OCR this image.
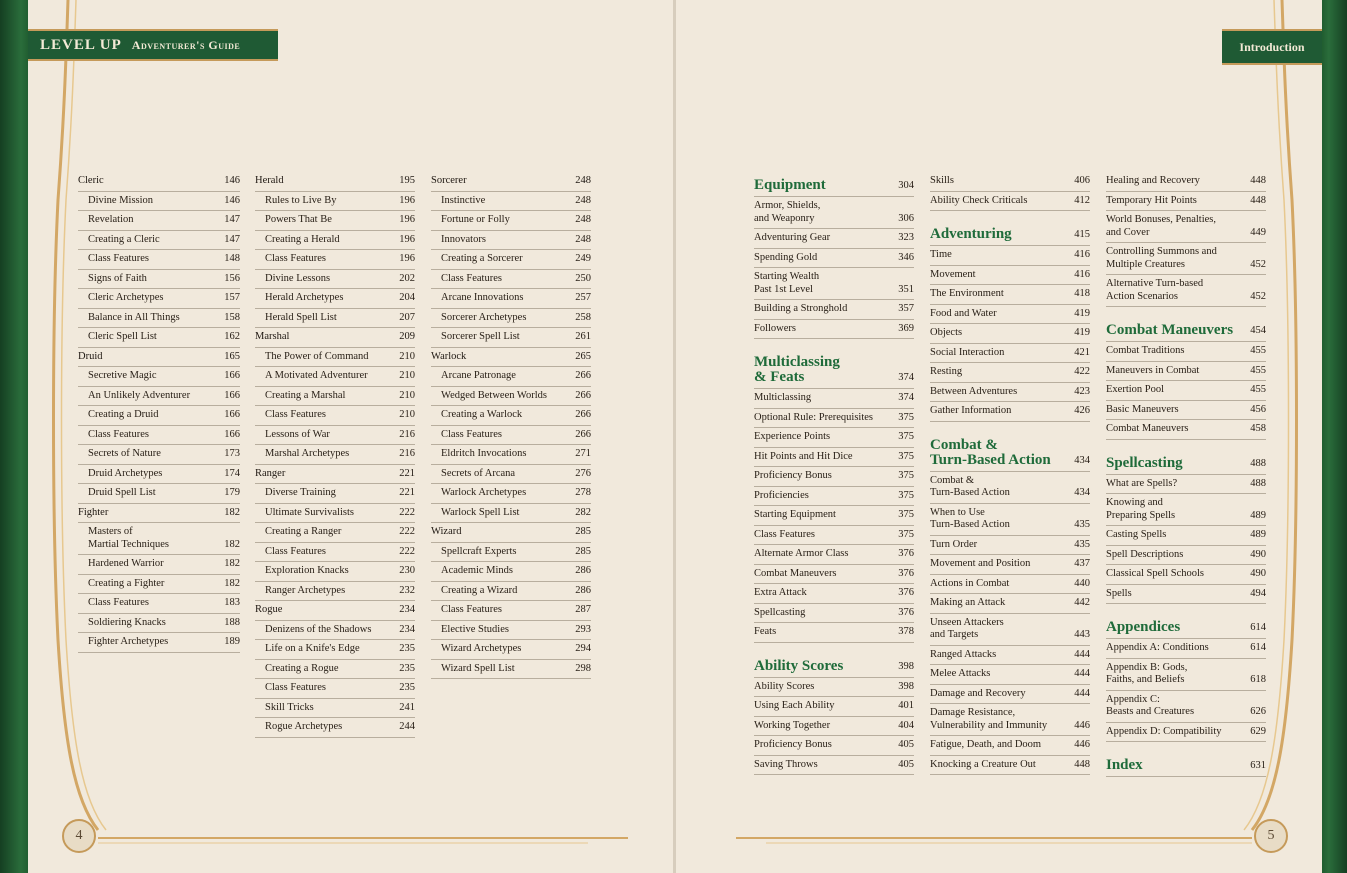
LEVEL UP Adventurer's Guide
Cleric	146
Divine Mission	146
Revelation	147
Creating a Cleric	147
Class Features	148
Signs of Faith	156
Cleric Archetypes	157
Balance in All Things	158
Cleric Spell List	162
Druid	165
Secretive Magic	166
An Unlikely Adventurer	166
Creating a Druid	166
Class Features	166
Secrets of Nature	173
Druid Archetypes	174
Druid Spell List	179
Fighter	182
Masters of
Martial Techniques	182
Hardened Warrior	182
Creating a Fighter	182
Class Features	183
Soldiering Knacks	188
Fighter Archetypes	189
Herald	195
Rules to Live By	196
Powers That Be	196
Creating a Herald	196
Class Features	196
Divine Lessons	202
Herald Archetypes	204
Herald Spell List	207
Marshal	209
The Power of Command	210
A Motivated Adventurer	210
Creating a Marshal	210
Class Features	210
Lessons of War	216
Marshal Archetypes	216
Ranger	221
Diverse Training	221
Ultimate Survivalists	222
Creating a Ranger	222
Class Features	222
Exploration Knacks	230
Ranger Archetypes	232
Rogue	234
Denizens of the Shadows	234
Life on a Knife's Edge	235
Creating a Rogue	235
Class Features	235
Skill Tricks	241
Rogue Archetypes	244
Sorcerer	248
Instinctive	248
Fortune or Folly	248
Innovators	248
Creating a Sorcerer	249
Class Features	250
Arcane Innovations	257
Sorcerer Archetypes	258
Sorcerer Spell List	261
Warlock	265
Arcane Patronage	266
Wedged Between Worlds	266
Creating a Warlock	266
Class Features	266
Eldritch Invocations	271
Secrets of Arcana	276
Warlock Archetypes	278
Warlock Spell List	282
Wizard	285
Spellcraft Experts	285
Academic Minds	286
Creating a Wizard	286
Class Features	287
Elective Studies	293
Wizard Archetypes	294
Wizard Spell List	298
4
Introduction
Equipment	304
Armor, Shields,
and Weaponry	306
Adventuring Gear	323
Spending Gold	346
Starting Wealth
Past 1st Level	351
Building a Stronghold	357
Followers	369
Multiclassing
& Feats	374
Multiclassing	374
Optional Rule: Prerequisites 375
Experience Points	375
Hit Points and Hit Dice	375
Proficiency Bonus	375
Proficiencies	375
Starting Equipment	375
Class Features	375
Alternate Armor Class	376
Combat Maneuvers	376
Extra Attack	376
Spellcasting	376
Feats	378
Ability Scores	398
Ability Scores	398
Using Each Ability	401
Working Together	404
Proficiency Bonus	405
Saving Throws	405
Skills	406
Ability Check Criticals	412
Adventuring	415
Time	416
Movement	416
The Environment	418
Food and Water	419
Objects	419
Social Interaction	421
Resting	422
Between Adventures	423
Gather Information	426
Combat &
Turn-Based Action 434
Combat &
Turn-Based Action	434
When to Use
Turn-Based Action	435
Turn Order	435
Movement and Position	437
Actions in Combat	440
Making an Attack	442
Unseen Attackers
and Targets	443
Ranged Attacks	444
Melee Attacks	444
Damage and Recovery	444
Damage Resistance,
Vulnerability and Immunity	446
Fatigue, Death, and Doom	446
Knocking a Creature Out	448
Healing and Recovery	448
Temporary Hit Points	448
World Bonuses, Penalties,
and Cover	449
Controlling Summons and
Multiple Creatures	452
Alternative Turn-based
Action Scenarios	452
Combat Maneuvers 454
Combat Traditions	455
Maneuvers in Combat	455
Exertion Pool	455
Basic Maneuvers	456
Combat Maneuvers	458
Spellcasting	488
What are Spells?	488
Knowing and
Preparing Spells	489
Casting Spells	489
Spell Descriptions	490
Classical Spell Schools	490
Spells	494
Appendices	614
Appendix A: Conditions	614
Appendix B: Gods,
Faiths, and Beliefs	618
Appendix C:
Beasts and Creatures	626
Appendix D: Compatibility	629
Index	631
5
